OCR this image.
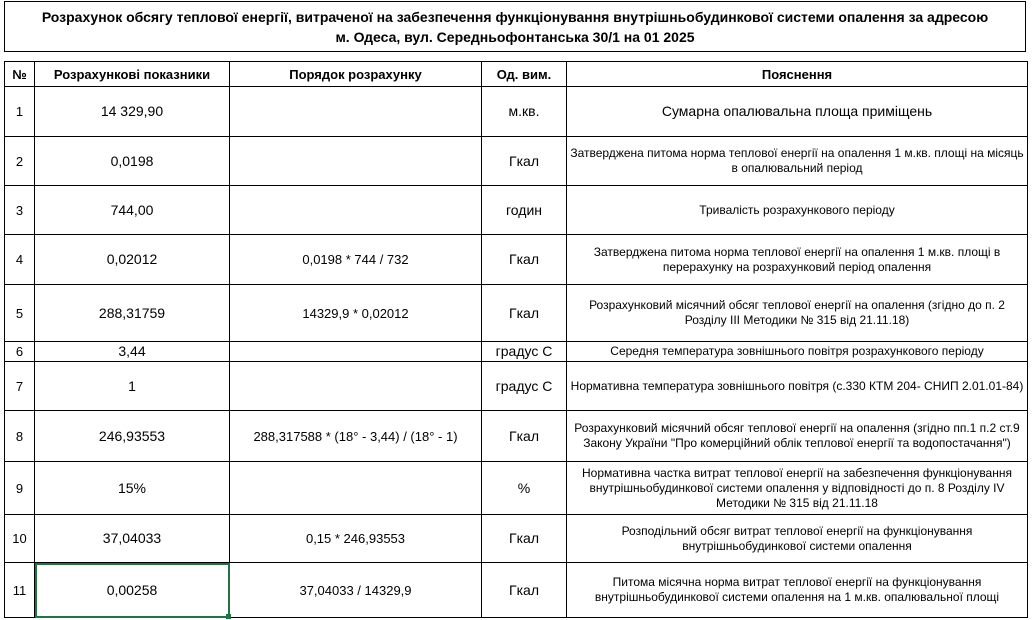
Розрахунок обсягу теплової енергії, витраченої на забезпечення функціонування внутрішньобудинкової системи опалення за адресою
м. Одеса, вул. Середньофонтанська 30/1 на 01 2025
№	Розрахункові показники	Порядок розрахунку	Од. вим.	Пояснення
1	14 329,90		м.кв.	Сумарна опалювальна площа приміщень
2	0,0198		Гкал	Затверджена питома норма теплової енергії на опалення 1 м.кв. площі на місяць в опалювальний період
3	744,00		годин	Тривалість розрахункового періоду
4	0,02012	0,0198 * 744 / 732	Гкал	Затверджена питома норма теплової енергії на опалення 1 м.кв. площі в перерахунку на розрахунковий період опалення
5	288,31759	14329,9 * 0,02012	Гкал	Розрахунковий місячний обсяг теплової енергії на опалення (згідно до п. 2 Розділу ІІІ Методики № 315 від 21.11.18)
6	3,44		градус С	Середня температура зовнішнього повітря розрахункового періоду
7	1		градус С	Нормативна температура зовнішнього повітря (с.330 КТМ 204- СНИП 2.01.01-84)
8	246,93553	288,317588 * (18° - 3,44) / (18° - 1)	Гкал	Розрахунковий місячний обсяг теплової енергії на опалення (згідно пп.1 п.2 ст.9 Закону України "Про комерційний облік теплової енергії та водопостачання")
9	15%		%	Нормативна частка витрат теплової енергії на забезпечення функціонування внутрішньобудинкової системи опалення у відповідності до п. 8 Розділу IV Методики № 315 від 21.11.18
10	37,04033	0,15 * 246,93553	Гкал	Розподільний обсяг витрат теплової енергії на функціонування внутрішньобудинкової системи опалення
11	0,00258	37,04033 / 14329,9	Гкал	Питома місячна норма витрат теплової енергії на функціонування внутрішньобудинкової системи опалення на 1 м.кв. опалювальної площі
